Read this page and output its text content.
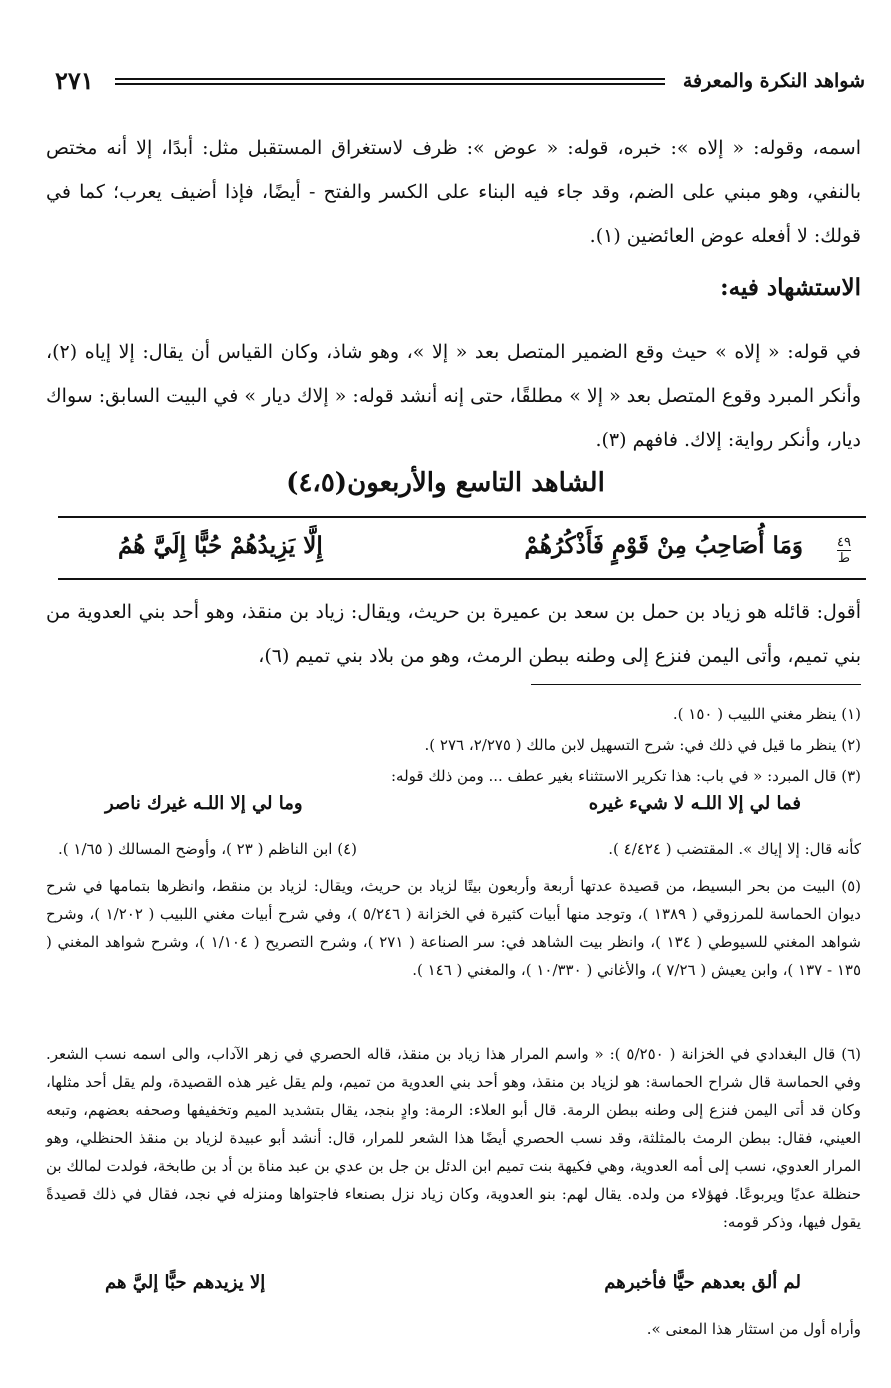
شواهد النكرة والمعرفة
٢٧١
اسمه، وقوله: « إلاه »: خبره، قوله: « عوض »: ظرف لاستغراق المستقبل مثل: أبدًا، إلا أنه مختص بالنفي، وهو مبني على الضم، وقد جاء فيه البناء على الكسر والفتح - أيضًا، فإذا أضيف يعرب؛ كما في قولك: لا أفعله عوض العائضين (١).
الاستشهاد فيه:
في قوله: « إلاه » حيث وقع الضمير المتصل بعد « إلا »، وهو شاذ، وكان القياس أن يقال: إلا إياه (٢)، وأنكر المبرد وقوع المتصل بعد « إلا » مطلقًا، حتى إنه أنشد قوله: « إلاك ديار » في البيت السابق: سواك ديار، وأنكر رواية: إلاك. فافهم (٣).
الشاهد التاسع والأربعون(٤،٥)
٤٩
ط
وَمَا أُصَاحِبُ مِنْ قَوْمٍ فَأَذْكُرُهُمْ
إِلَّا يَزِيدُهُمْ حُبًّا إِلَيَّ هُمُ
أقول: قائله هو زياد بن حمل بن سعد بن عميرة بن حريث، ويقال: زياد بن منقذ، وهو أحد بني العدوية من بني تميم، وأتى اليمن فنزع إلى وطنه ببطن الرمث، وهو من بلاد بني تميم (٦)،
(١) ينظر مغني اللبيب ( ١٥٠ ).
(٢) ينظر ما قيل في ذلك في: شرح التسهيل لابن مالك ( ٢/٢٧٥، ٢٧٦ ).
(٣) قال المبرد: « في باب: هذا تكرير الاستثناء بغير عطف ... ومن ذلك قوله:
فما لي إلا اللـه لا شيء غيره
وما لي إلا اللـه غيرك ناصر
كأنه قال: إلا إياك ». المقتضب ( ٤/٤٢٤ ).
(٤) ابن الناظم ( ٢٣ )، وأوضح المسالك ( ١/٦٥ ).
(٥) البيت من بحر البسيط، من قصيدة عدتها أربعة وأربعون بيتًا لزياد بن حريث، ويقال: لزياد بن منقط، وانظرها بتمامها في شرح ديوان الحماسة للمرزوقي ( ١٣٨٩ )، وتوجد منها أبيات كثيرة في الخزانة ( ٥/٢٤٦ )، وفي شرح أبيات مغني اللبيب ( ١/٢٠٢ )، وشرح شواهد المغني للسيوطي ( ١٣٤ )، وانظر بيت الشاهد في: سر الصناعة ( ٢٧١ )، وشرح التصريح ( ١/١٠٤ )، وشرح شواهد المغني ( ١٣٥ - ١٣٧ )، وابن يعيش ( ٧/٢٦ )، والأغاني ( ١٠/٣٣٠ )، والمغني ( ١٤٦ ).
(٦) قال البغدادي في الخزانة ( ٥/٢٥٠ ): « واسم المرار هذا زياد بن منقذ، قاله الحصري في زهر الآداب، والى اسمه نسب الشعر. وفي الحماسة قال شراح الحماسة: هو لزياد بن منقذ، وهو أحد بني العدوية من تميم، ولم يقل غير هذه القصيدة، ولم يقل أحد مثلها، وكان قد أتى اليمن فنزع إلى وطنه ببطن الرمة. قال أبو العلاء: الرمة: وادٍ بنجد، يقال بتشديد الميم وتخفيفها وصحفه بعضهم، وتبعه العيني، فقال: ببطن الرمث بالمثلثة، وقد نسب الحصري أيضًا هذا الشعر للمرار، قال: أنشد أبو عبيدة لزياد بن منقذ الحنظلي، وهو المرار العدوي، نسب إلى أمه العدوية، وهي فكيهة بنت تميم ابن الدئل بن جل بن عدي بن عبد مناة بن أد بن طابخة، فولدت لمالك بن حنظلة عديًا ويربوعًا. فهؤلاء من ولده. يقال لهم: بنو العدوية، وكان زياد نزل بصنعاء فاجتواها ومنزله في نجد، فقال في ذلك قصيدةً يقول فيها، وذكر قومه:
لم ألق بعدهم حيًّا فأخبرهم
إلا يزيدهم حبًّا إليَّ هم
وأراه أول من استثار هذا المعنى ».
